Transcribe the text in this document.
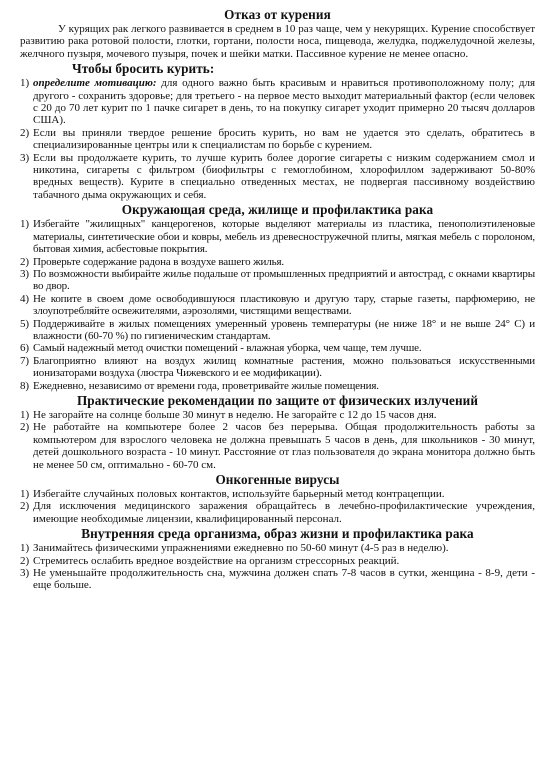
Отказ от курения

У курящих рак легкого развивается в среднем в 10 раз чаще, чем у некурящих. Курение способствует развитию рака ротовой полости, глотки, гортани, полости носа, пищевода, желудка, поджелудочной железы, желчного пузыря, мочевого пузыря, почек и шейки матки. Пассивное курение не менее опасно.

Чтобы бросить курить:
1) определите мотивацию: для одного важно быть красивым и нравиться противоположному полу; для другого - сохранить здоровье; для третьего - на первое место выходит материальный фактор (если человек с 20 до 70 лет курит по 1 пачке сигарет в день, то на покупку сигарет уходит примерно 20 тысяч долларов США).
2) Если вы приняли твердое решение бросить курить, но вам не удается это сделать, обратитесь в специализированные центры или к специалистам по борьбе с курением.
3) Если вы продолжаете курить, то лучше курить более дорогие сигареты с низким содержанием смол и никотина, сигареты с фильтром (биофильтры с гемоглобином, хлорофиллом задерживают 50-80% вредных веществ). Курите в специально отведенных местах, не подвергая пассивному воздействию табачного дыма окружающих и себя.
Окружающая среда, жилище и профилактика рака
1) Избегайте "жилищных" канцерогенов, которые выделяют материалы из пластика, пенополиэтиленовые материалы, синтетические обои и ковры, мебель из древесностружечной плиты, мягкая мебель с поролоном, бытовая химия, асбестовые покрытия.
2) Проверьте содержание радона в воздухе вашего жилья.
3) По возможности выбирайте жилье подальше от промышленных предприятий и автострад, с окнами квартиры во двор.
4) Не копите в своем доме освободившуюся пластиковую и другую тару, старые газеты, парфюмерию, не злоупотребляйте освежителями, аэрозолями, чистящими веществами.
5) Поддерживайте в жилых помещениях умеренный уровень температуры (не ниже 18° и не выше 24° С) и влажности (60-70 %) по гигиеническим стандартам.
6) Самый надежный метод очистки помещений - влажная уборка, чем чаще, тем лучше.
7) Благоприятно влияют на воздух жилищ комнатные растения, можно пользоваться искусственными ионизаторами воздуха (люстра Чижевского и ее модификации).
8) Ежедневно, независимо от времени года, проветривайте жилые помещения.
Практические рекомендации по защите от физических излучений
1) Не загорайте на солнце больше 30 минут в неделю. Не загорайте с 12 до 15 часов дня.
2) Не работайте на компьютере более 2 часов без перерыва. Общая продолжительность работы за компьютером для взрослого человека не должна превышать 5 часов в день, для школьников - 30 минут, детей дошкольного возраста - 10 минут. Расстояние от глаз пользователя до экрана монитора должно быть не менее 50 см, оптимально - 60-70 см.
Онкогенные вирусы
1) Избегайте случайных половых контактов, используйте барьерный метод контрацепции.
2) Для исключения медицинского заражения обращайтесь в лечебно-профилактические учреждения, имеющие необходимые лицензии, квалифицированный персонал.
Внутренняя среда организма, образ жизни и профилактика рака
1) Занимайтесь физическими упражнениями ежедневно по 50-60 минут (4-5 раз в неделю).
2) Стремитесь ослабить вредное воздействие на организм стрессорных реакций.
3) Не уменьшайте продолжительность сна, мужчина должен спать 7-8 часов в сутки, женщина - 8-9, дети - еще больше.
